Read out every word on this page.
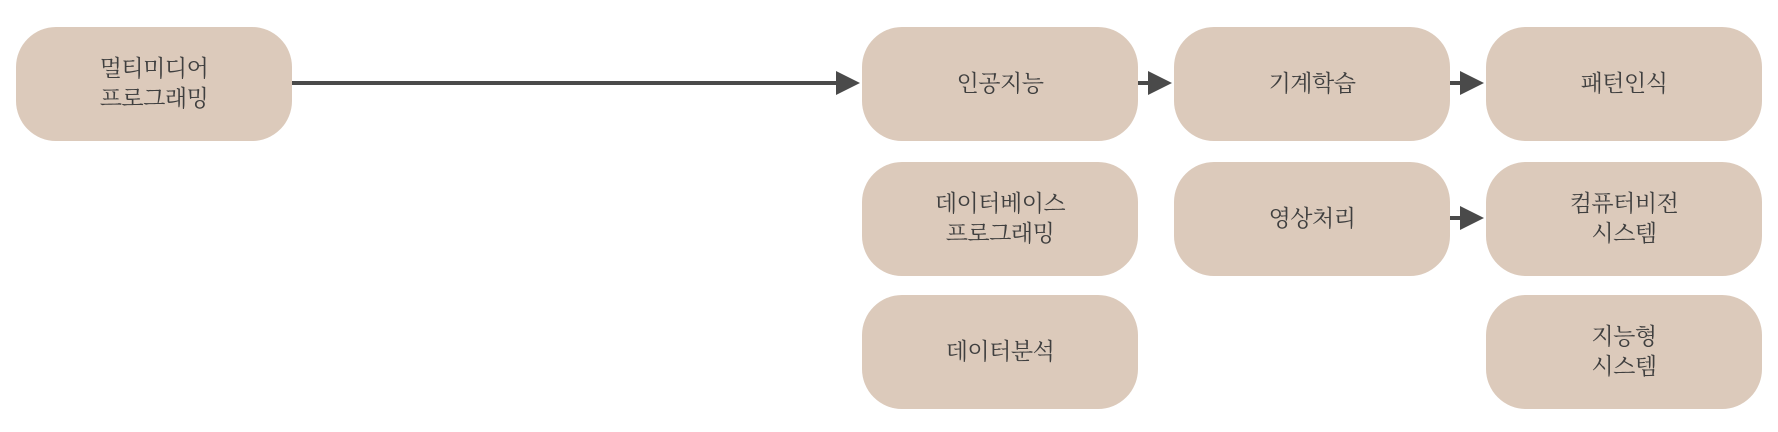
멀티미디어
프로그래밍
인공지능	기계학습	패턴인식
데이터베이스
프로그래밍
영상처리
컴퓨터비전
시스템
데이터분석
지능형
시스템
